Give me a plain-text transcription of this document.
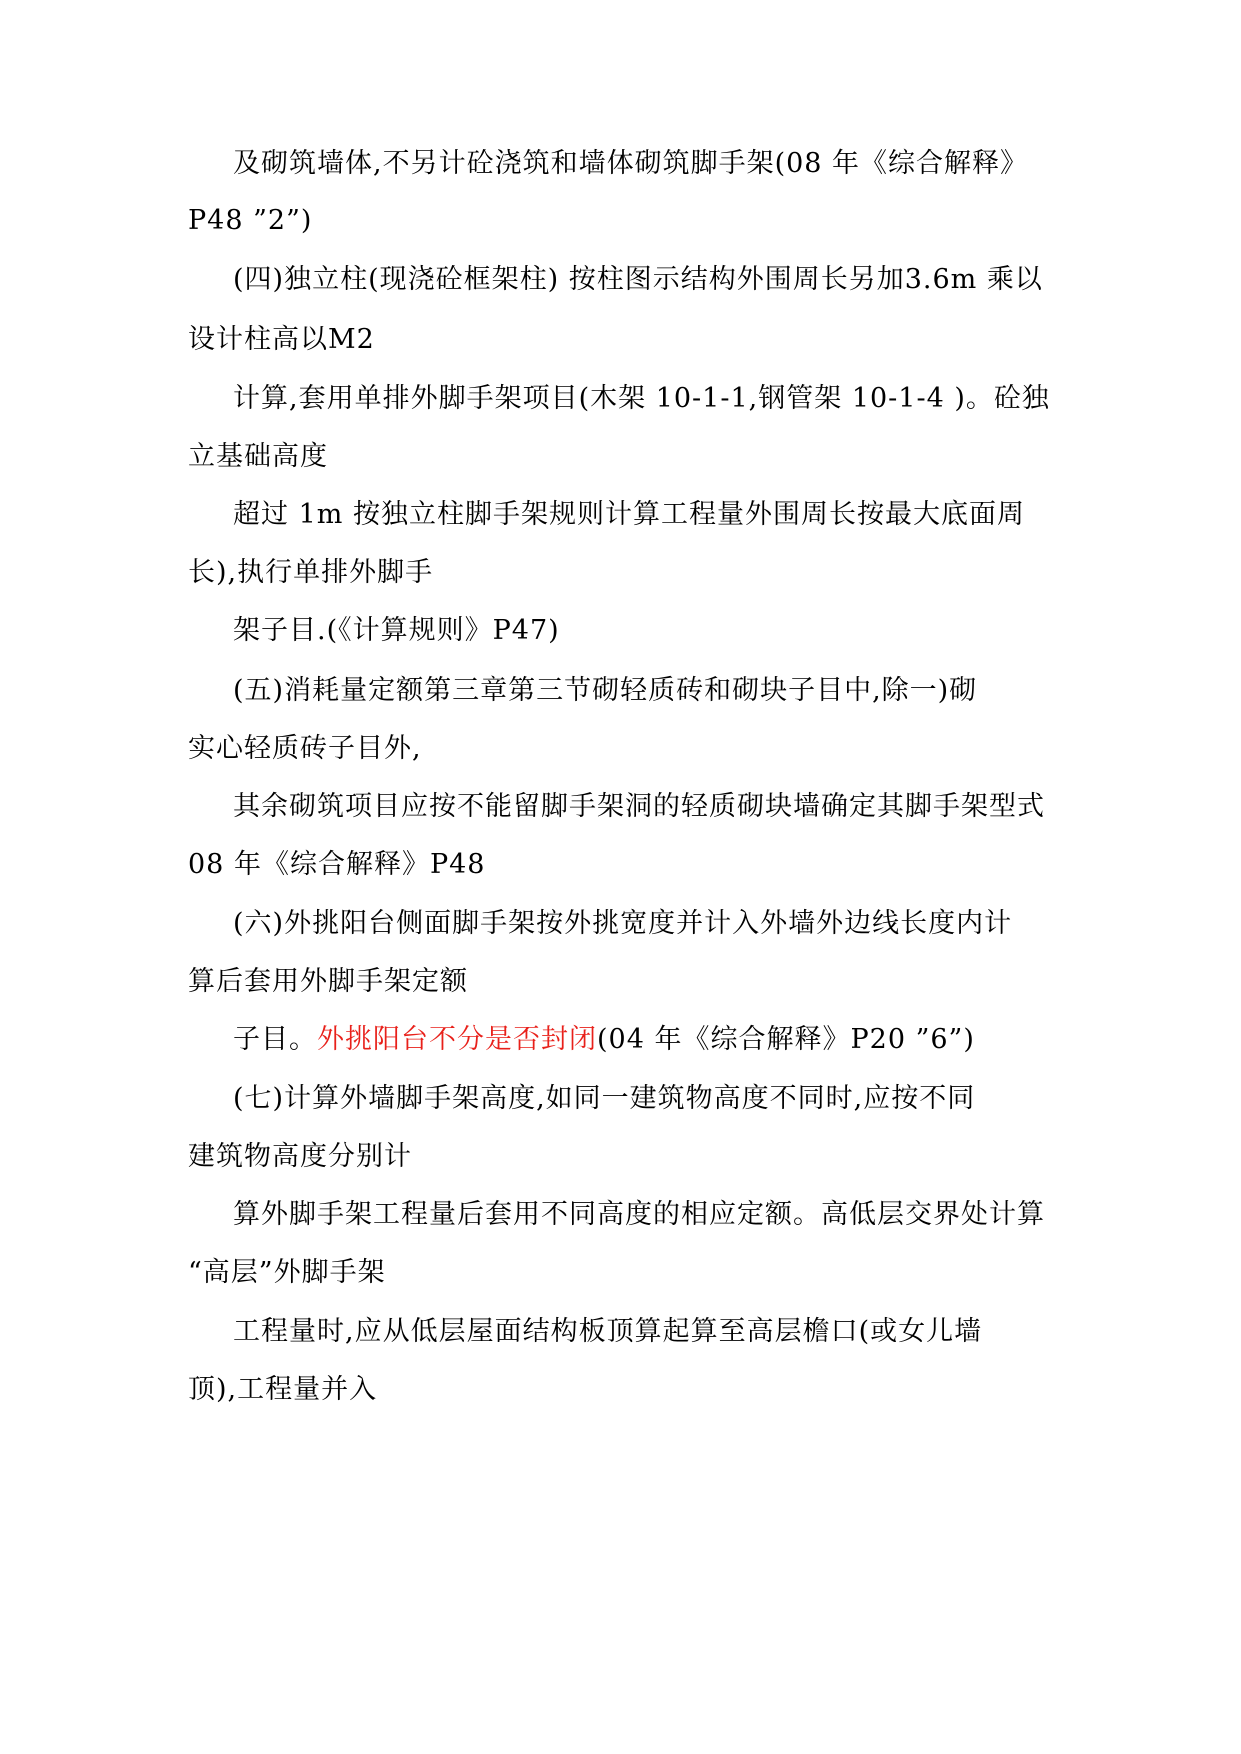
及砌筑墙体,不另计砼浇筑和墙体砌筑脚手架(08 年《综合解释》
P48 ”2”)
(四)独立柱(现浇砼框架柱) 按柱图示结构外围周长另加3.6m 乘以
设计柱高以M2
计算,套用单排外脚手架项目(木架 10-1-1,钢管架 10-1-4 )。砼独
立基础高度
超过 1m 按独立柱脚手架规则计算工程量外围周长按最大底面周
长),执行单排外脚手
架子目.(《计算规则》P47)
(五)消耗量定额第三章第三节砌轻质砖和砌块子目中,除一)砌
实心轻质砖子目外,
其余砌筑项目应按不能留脚手架洞的轻质砌块墙确定其脚手架型式
08 年《综合解释》P48
(六)外挑阳台侧面脚手架按外挑宽度并计入外墙外边线长度内计
算后套用外脚手架定额
子目。外挑阳台不分是否封闭(04 年《综合解释》P20 ”6”)
(七)计算外墙脚手架高度,如同一建筑物高度不同时,应按不同
建筑物高度分别计
算外脚手架工程量后套用不同高度的相应定额。高低层交界处计算
“高层”外脚手架
工程量时,应从低层屋面结构板顶算起算至高层檐口(或女儿墙
顶),工程量并入
